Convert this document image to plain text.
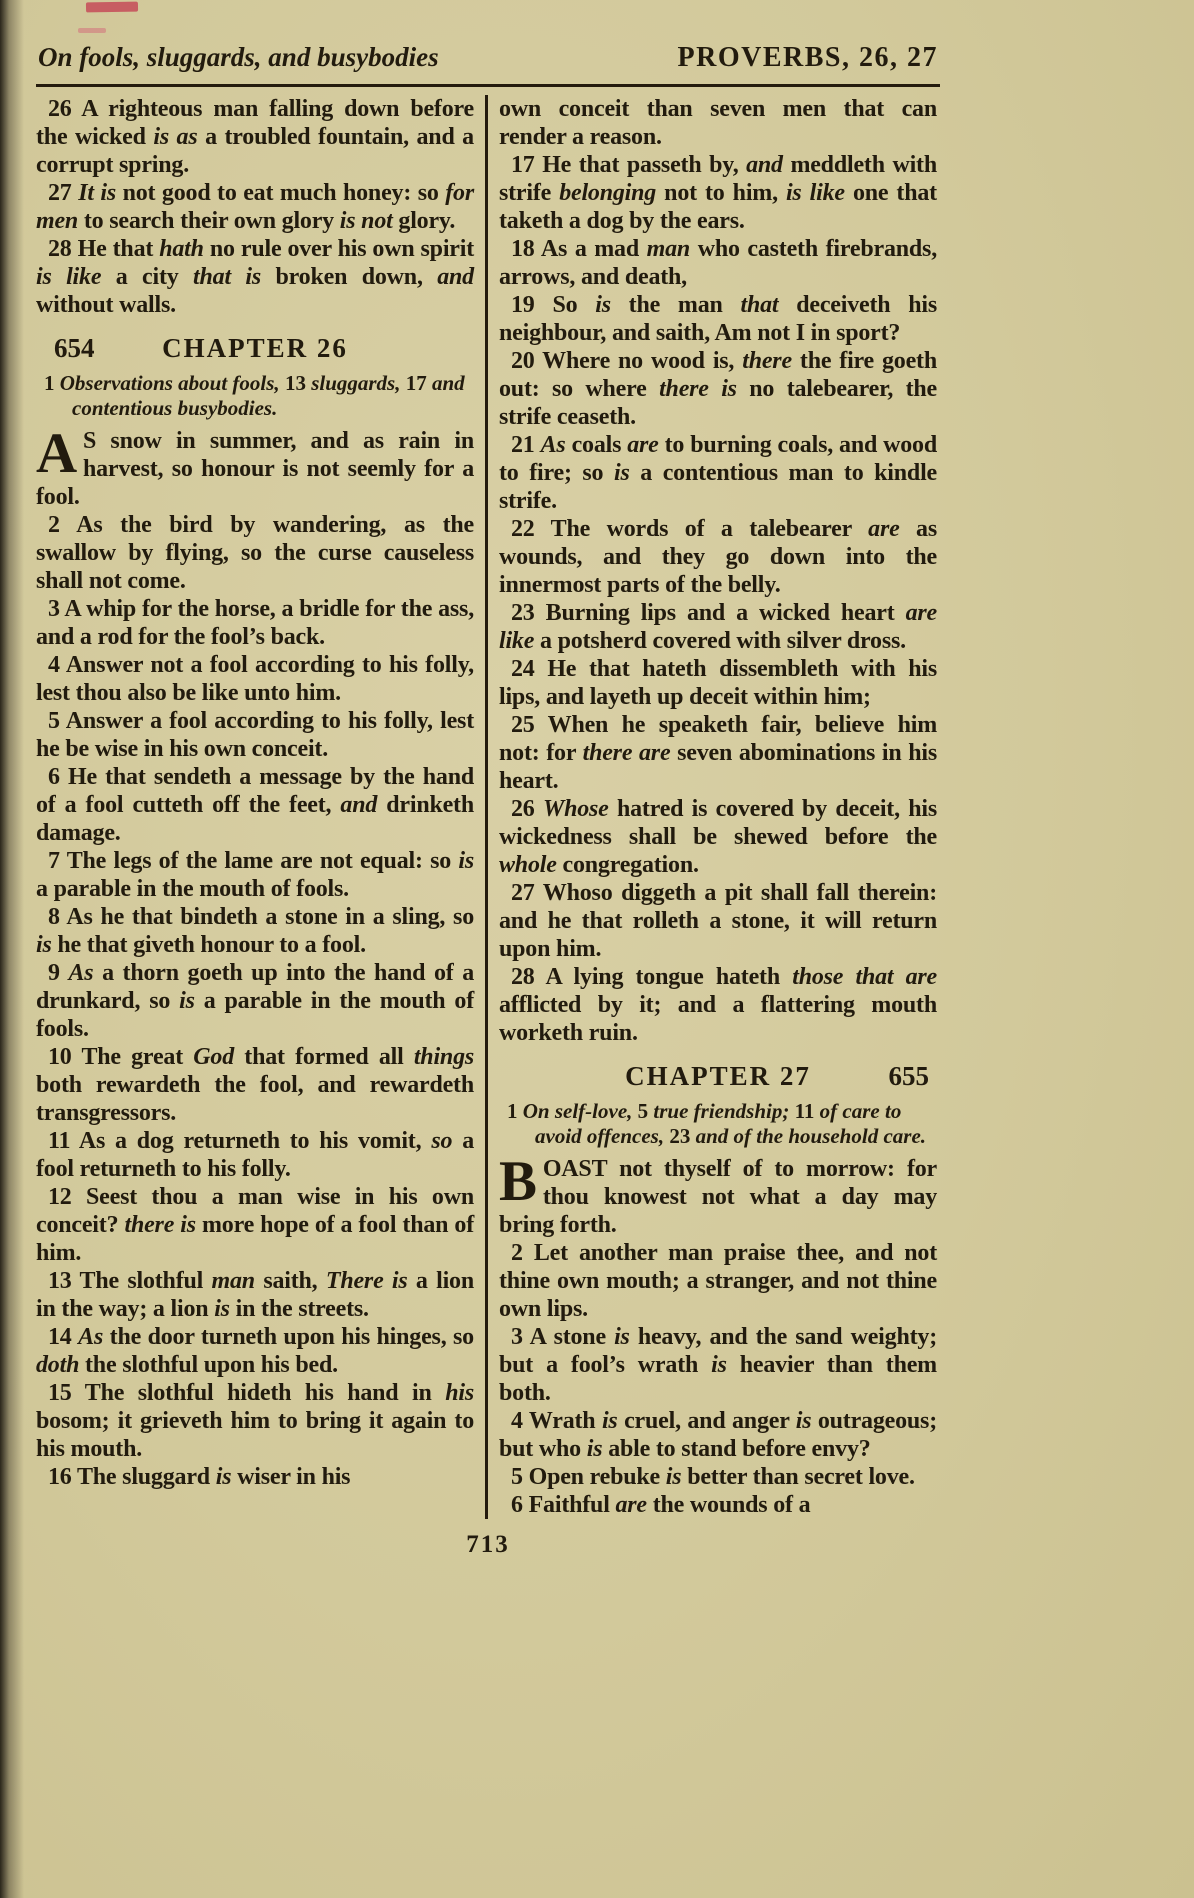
On fools, sluggards, and busybodies	PROVERBS, 26, 27

26 A righteous man falling down before the wicked is as a troubled fountain, and a corrupt spring.

27 It is not good to eat much honey: so for men to search their own glory is not glory.

28 He that hath no rule over his own spirit is like a city that is broken down, and without walls.

654	CHAPTER 26

1 Observations about fools, 13 sluggards, 17 and contentious busybodies.

A S snow in summer, and as rain in harvest, so honour is not seemly for a fool.

2 As the bird by wandering, as the swallow by flying, so the curse causeless shall not come.

3 A whip for the horse, a bridle for the ass, and a rod for the fool’s back.

4 Answer not a fool according to his folly, lest thou also be like unto him.

5 Answer a fool according to his folly, lest he be wise in his own conceit.

6 He that sendeth a message by the hand of a fool cutteth off the feet, and drinketh damage.

7 The legs of the lame are not equal: so is a parable in the mouth of fools.

8 As he that bindeth a stone in a sling, so is he that giveth honour to a fool.

9 As a thorn goeth up into the hand of a drunkard, so is a parable in the mouth of fools.

10 The great God that formed all things both rewardeth the fool, and rewardeth transgressors.

11 As a dog returneth to his vomit, so a fool returneth to his folly.

12 Seest thou a man wise in his own conceit? there is more hope of a fool than of him.

13 The slothful man saith, There is a lion in the way; a lion is in the streets.

14 As the door turneth upon his hinges, so doth the slothful upon his bed.

15 The slothful hideth his hand in his bosom; it grieveth him to bring it again to his mouth.

16 The sluggard is wiser in his

own conceit than seven men that can render a reason.

17 He that passeth by, and meddleth with strife belonging not to him, is like one that taketh a dog by the ears.

18 As a mad man who casteth firebrands, arrows, and death,

19 So is the man that deceiveth his neighbour, and saith, Am not I in sport?

20 Where no wood is, there the fire goeth out: so where there is no talebearer, the strife ceaseth.

21 As coals are to burning coals, and wood to fire; so is a contentious man to kindle strife.

22 The words of a talebearer are as wounds, and they go down into the innermost parts of the belly.

23 Burning lips and a wicked heart are like a potsherd covered with silver dross.

24 He that hateth dissembleth with his lips, and layeth up deceit within him;

25 When he speaketh fair, believe him not: for there are seven abominations in his heart.

26 Whose hatred is covered by deceit, his wickedness shall be shewed before the whole congregation.

27 Whoso diggeth a pit shall fall therein: and he that rolleth a stone, it will return upon him.

28 A lying tongue hateth those that are afflicted by it; and a flattering mouth worketh ruin.

655
CHAPTER 27

1 On self-love, 5 true friendship; 11 of care to avoid offences, 23 and of the household care.

BOAST not thyself of to morrow: for thou knowest not what a day may bring forth.

2 Let another man praise thee, and not thine own mouth; a stranger, and not thine own lips.

3 A stone is heavy, and the sand weighty; but a fool’s wrath is heavier than them both.

4 Wrath is cruel, and anger is outrageous; but who is able to stand before envy?

5 Open rebuke is better than secret love.

6 Faithful are the wounds of a

713
